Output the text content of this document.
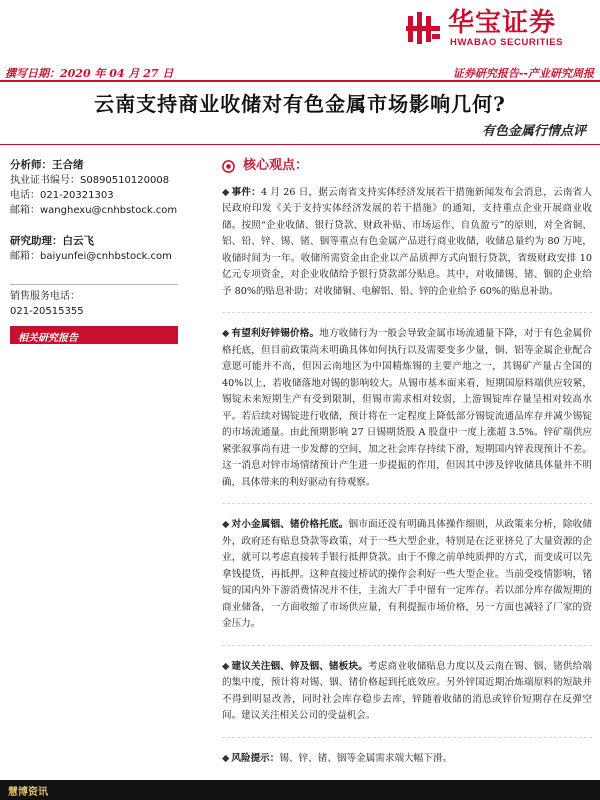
华宝证券
HWABAO SECURITIES
撰写日期：2020 年 04 月 27 日	证券研究报告--产业研究周报
云南支持商业收储对有色金属市场影响几何?
有色金属行情点评
分析师：王合绪
执业证书编号：S0890510120008
电话：021-20321303
邮箱：wanghexu@cnhbstock.com
研究助理：白云飞
邮箱：baiyunfei@cnhbstock.com
销售服务电话：
021-20515355
相关研究报告
核心观点：
◆ 事件：4 月 26 日，据云南省支持实体经济发展若干措施新闻发布会消息，云南省人民政府印发《关于支持实体经济发展的若干措施》的通知，支持重点企业开展商业收储。按照“企业收储、银行贷款、财政补贴、市场运作、自负盈亏”的原则，对全省铜、铝、铅、锌、锡、锗、铟等重点有色金属产品进行商业收储，收储总量约为 80 万吨，收储时间为一年。收储所需资金由企业以产品质押方式向银行贷款，省级财政安排 10 亿元专项资金，对企业收储给予银行贷款部分贴息。其中，对收储锡、锗、铟的企业给予 80%的贴息补助；对收储铜、电解铝、铅、锌的企业给予 60%的贴息补助。
◆ 有望利好锌锡价格。地方收储行为一般会导致金属市场流通量下降，对于有色金属价格托底，但目前政策尚未明确具体如何执行以及需要变多少量，铜、铝等金属企业配合意愿可能并不高，但因云南地区为中国精炼锡的主要产地之一，其锡矿产量占全国的 40%以上，若收储落地对锡的影响较大。从锡市基本面来看，短期国原料端供应较紧，锡锭未来短期生产有受到限制，但锡市需求相对较弱，上游锡锭库存量呈相对较高水平。若后续对锡锭进行收储，预计将在一定程度上降低部分锡锭流通品库存并减少锡锭的市场流通量。由此预期影响 27 日锡期货股 A 股盘中一度上涨超 3.5%。锌矿端供应紧张叙事尚有进一步发酵的空间，加之社会库存持续下滑，短期国内锌表现预计不差。这一消息对锌市场情绪预计产生进一步提振的作用，但因其中涉及锌收储具体量并不明确，具体带来的利好驱动有待观察。
◆ 对小金属铟、锗价格托底。铟市面还没有明确具体操作细则，从政策来分析，除收储外，政府还有贴息贷款等政策，对于一些大型企业，特别是在泛亚挤兑了大量资源的企业，就可以考虑直接转手银行抵押贷款。由于不像之前单纯质押的方式，而变成可以先拿钱提货，再抵押。这种直接过桥试的操作会利好一些大型企业。当前受疫情影响，锗锭的国内外下游消费情况并不佳，主流大厂手中留有一定库存。若以部分库存做短期的商业储备，一方面收缩了市场供应量，有利提振市场价格，另一方面也减轻了厂家的资金压力。
◆ 建议关注铟、锌及铟、锗板块。考虑商业收储贴息力度以及云南在锡、铟、锗供给端的集中度，预计将对锡、铟、锗价格起到托底效应。另外锌国近期冶炼端原料的短缺并不得到明显改善，同时社会库存稳步去库，锌随着收储的消息或锌价短期存在反弹空间。建议关注相关公司的受益机会。
◆ 风险提示：锡、锌、锗、铟等金属需求端大幅下滑。
慧博资讯
